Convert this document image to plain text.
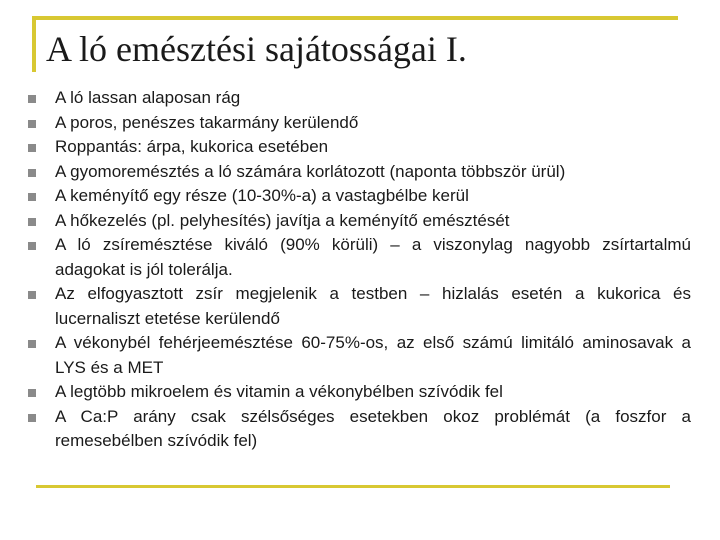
A ló emésztési sajátosságai I.
A ló lassan alaposan rág
A poros, penészes takarmány kerülendő
Roppantás: árpa, kukorica esetében
A gyomoremésztés a ló számára korlátozott (naponta többször ürül)
A keményítő egy része (10-30%-a) a vastagbélbe kerül
A hőkezelés (pl. pelyhesítés) javítja a keményítő emésztését
A ló zsíremésztése kiváló (90% körüli) – a viszonylag nagyobb zsírtartalmú adagokat is jól tolerálja.
Az elfogyasztott zsír megjelenik a testben – hizlalás esetén a kukorica és lucernaliszt etetése kerülendő
A vékonybél fehérjeemésztése 60-75%-os, az első számú limitáló aminosavak a LYS és a MET
A legtöbb mikroelem és vitamin a vékonybélben szívódik fel
A Ca:P arány csak szélsőséges esetekben okoz problémát (a foszfor a remesebélben szívódik fel)
